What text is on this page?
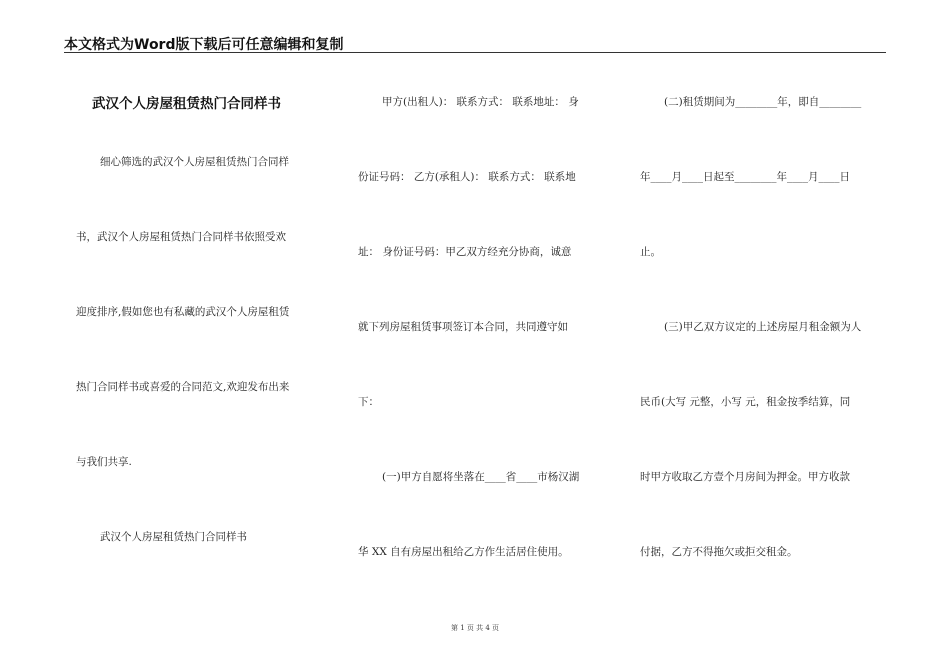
本文格式为Word版下载后可任意编辑和复制
武汉个人房屋租赁热门合同样书
细心筛选的武汉个人房屋租赁热门合同样
书，武汉个人房屋租赁热门合同样书依照受欢
迎度排序,假如您也有私藏的武汉个人房屋租赁
热门合同样书或喜爱的合同范文,欢迎发布出来
与我们共享.
武汉个人房屋租赁热门合同样书
甲方(出租人)： 联系方式： 联系地址： 身
份证号码： 乙方(承租人)： 联系方式： 联系地
址： 身份证号码：甲乙双方经充分协商，诚意
就下列房屋租赁事项签订本合同，共同遵守如
下：
(一)甲方自愿将坐落在____省____市杨汉湖
华 XX 自有房屋出租给乙方作生活居住使用。
(二)租赁期间为________年，即自________
年____月____日起至________年____月____日
止。
(三)甲乙双方议定的上述房屋月租金额为人
民币(大写 元整，小写 元，租金按季结算，同
时甲方收取乙方壹个月房间为押金。甲方收款
付据，乙方不得拖欠或拒交租金。
第 1 页 共 4 页
